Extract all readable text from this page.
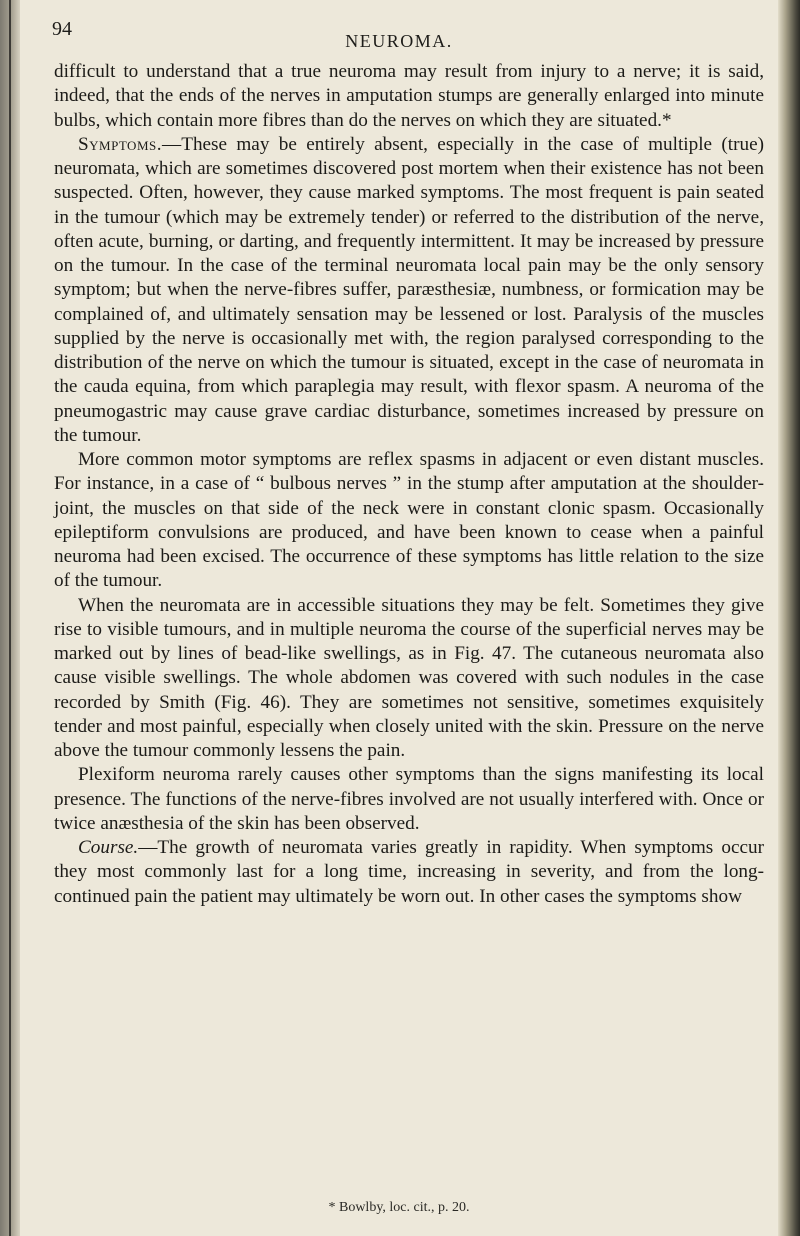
94

NEUROMA.

difficult to understand that a true neuroma may result from injury to a nerve; it is said, indeed, that the ends of the nerves in amputation stumps are generally enlarged into minute bulbs, which contain more fibres than do the nerves on which they are situated.*

Symptoms.—These may be entirely absent, especially in the case of multiple (true) neuromata, which are sometimes discovered post mortem when their existence has not been suspected. Often, however, they cause marked symptoms. The most frequent is pain seated in the tumour (which may be extremely tender) or referred to the distribution of the nerve, often acute, burning, or darting, and frequently intermittent. It may be increased by pressure on the tumour. In the case of the terminal neuromata local pain may be the only sensory symptom; but when the nerve-fibres suffer, paræsthesiæ, numbness, or formication may be complained of, and ultimately sensation may be lessened or lost. Paralysis of the muscles supplied by the nerve is occasionally met with, the region paralysed corresponding to the distribution of the nerve on which the tumour is situated, except in the case of neuromata in the cauda equina, from which paraplegia may result, with flexor spasm. A neuroma of the pneumogastric may cause grave cardiac disturbance, sometimes increased by pressure on the tumour.

More common motor symptoms are reflex spasms in adjacent or even distant muscles. For instance, in a case of “ bulbous nerves ” in the stump after amputation at the shoulder-joint, the muscles on that side of the neck were in constant clonic spasm. Occasionally epileptiform convulsions are produced, and have been known to cease when a painful neuroma had been excised. The occurrence of these symptoms has little relation to the size of the tumour.

When the neuromata are in accessible situations they may be felt. Sometimes they give rise to visible tumours, and in multiple neuroma the course of the superficial nerves may be marked out by lines of bead-like swellings, as in Fig. 47. The cutaneous neuromata also cause visible swellings. The whole abdomen was covered with such nodules in the case recorded by Smith (Fig. 46). They are sometimes not sensitive, sometimes exquisitely tender and most painful, especially when closely united with the skin. Pressure on the nerve above the tumour commonly lessens the pain.

Plexiform neuroma rarely causes other symptoms than the signs manifesting its local presence. The functions of the nerve-fibres involved are not usually interfered with. Once or twice anæsthesia of the skin has been observed.

Course.—The growth of neuromata varies greatly in rapidity. When symptoms occur they most commonly last for a long time, increasing in severity, and from the long-continued pain the patient may ultimately be worn out. In other cases the symptoms show

* Bowlby, loc. cit., p. 20.
